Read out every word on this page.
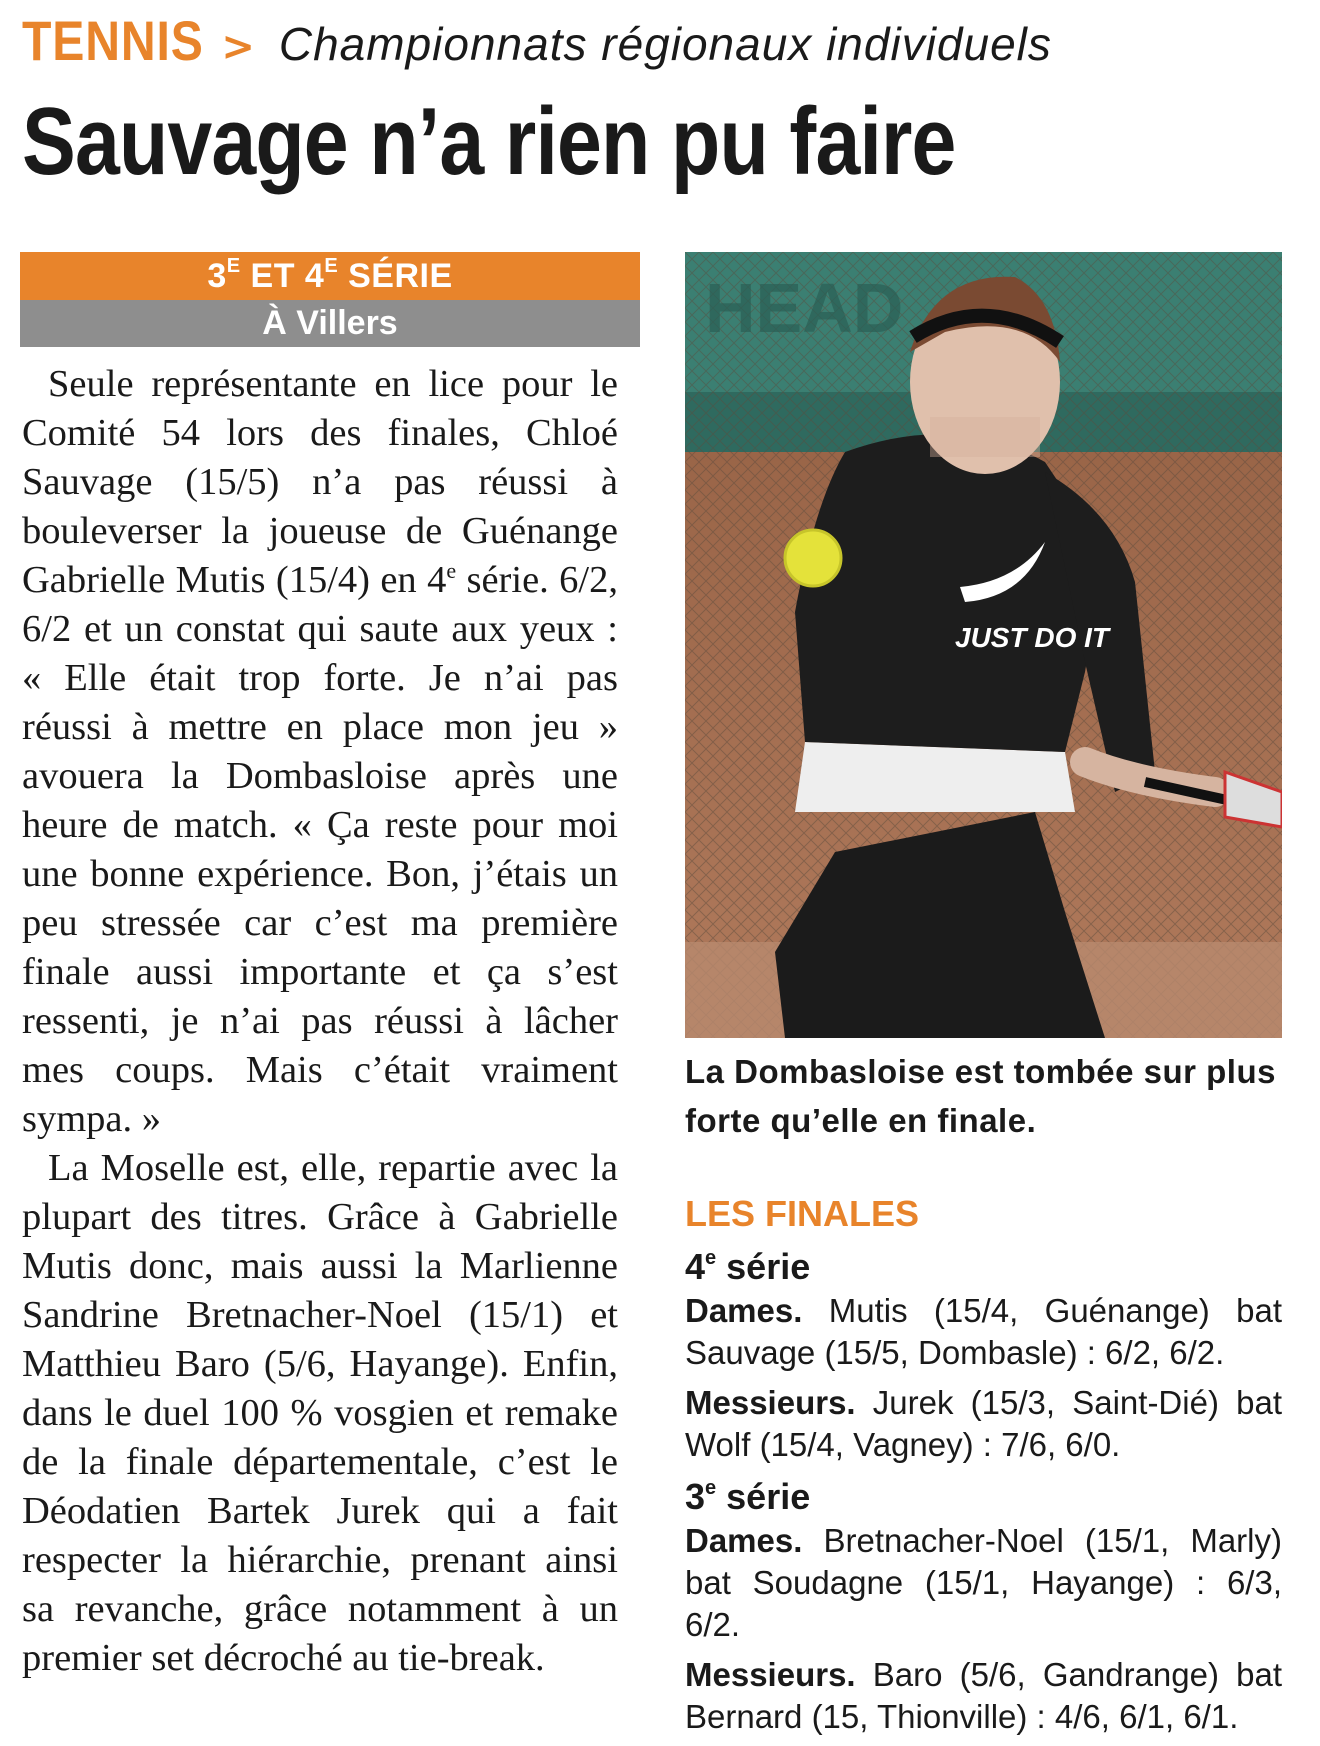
TENNIS > Championnats régionaux individuels
Sauvage n’a rien pu faire
$3^E$ ET $4^E$ SÉRIE
À Villers

Seule représentante en lice pour le Comité 54 lors des finales, Chloé Sauvage (15/5) n’a pas réussi à bouleverser la joueuse de Guénange Gabrielle Mutis (15/4) en 4e série. 6/2, 6/2 et un constat qui saute aux yeux : « Elle était trop forte. Je n’ai pas réussi à mettre en place mon jeu » avouera la Dombasloise après une heure de match. « Ça reste pour moi une bonne expérience. Bon, j’étais un peu stressée car c’est ma première finale aussi importante et ça s’est ressenti, je n’ai pas réussi à lâcher mes coups. Mais c’était vraiment sympa. »

La Moselle est, elle, repartie avec la plupart des titres. Grâce à Gabrielle Mutis donc, mais aussi la Marlienne Sandrine Bretnacher-Noel (15/1) et Matthieu Baro (5/6, Hayange). Enfin, dans le duel 100 % vosgien et remake de la finale départementale, c’est le Déodatien Bartek Jurek qui a fait respecter la hiérarchie, prenant ainsi sa revanche, grâce notamment à un premier set décroché au tie-break.

HEAD
JUST DO IT
La Dombasloise est tombée sur plus forte qu’elle en finale.
LES FINALES
4e série
Dames. Mutis (15/4, Guénange) bat Sauvage (15/5, Dombasle) : 6/2, 6/2.
Messieurs. Jurek (15/3, Saint-Dié) bat Wolf (15/4, Vagney) : 7/6, 6/0.
3e série
Dames. Bretnacher-Noel (15/1, Marly) bat Soudagne (15/1, Hayange) : 6/3, 6/2.
Messieurs. Baro (5/6, Gandrange) bat Bernard (15, Thionville) : 4/6, 6/1, 6/1.
